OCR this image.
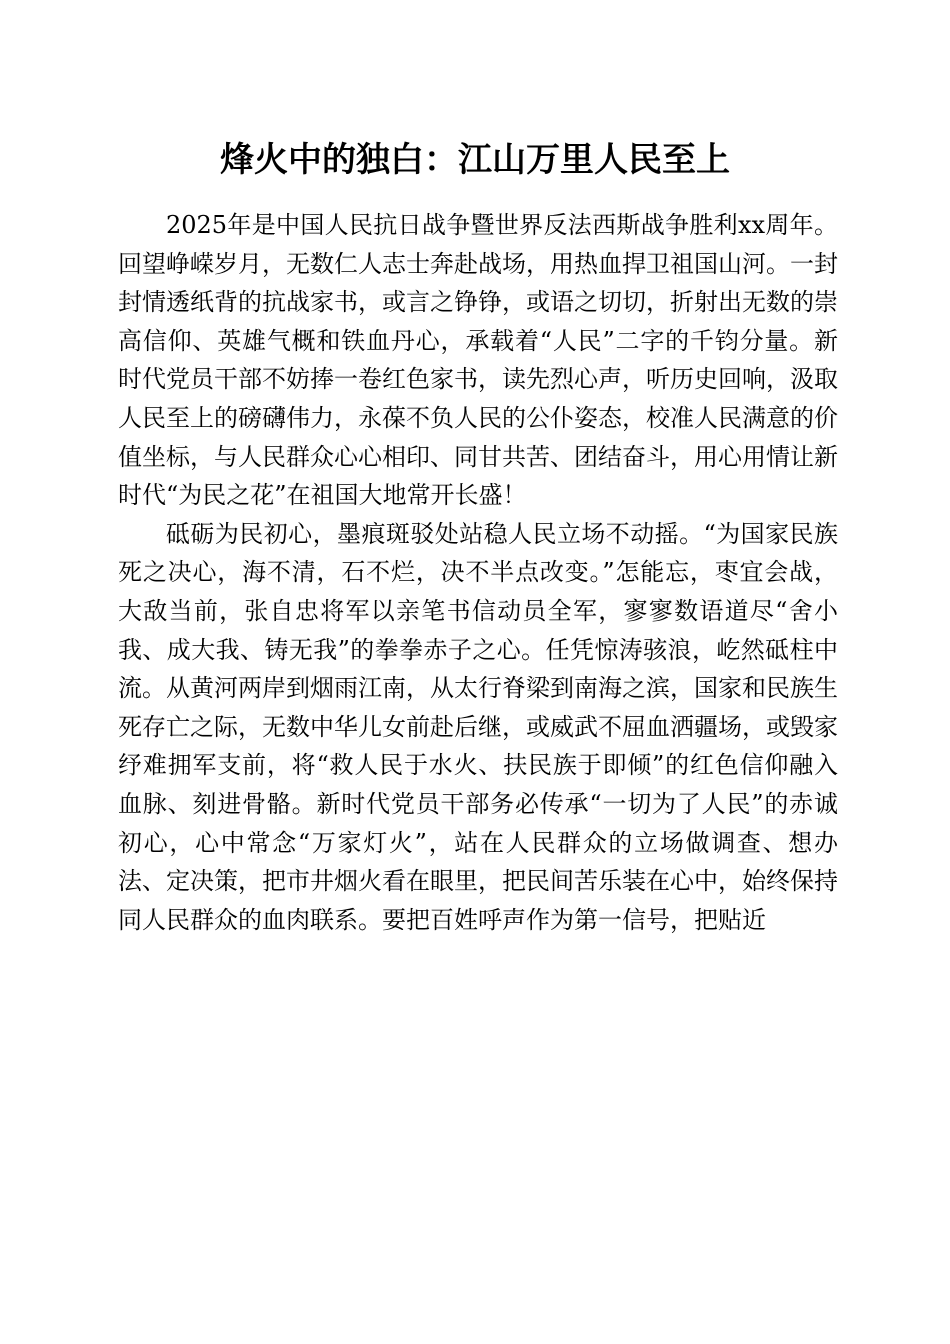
烽火中的独白：江山万里人民至上

2025年是中国人民抗日战争暨世界反法西斯战争胜利xx周年。回望峥嵘岁月，无数仁人志士奔赴战场，用热血捍卫祖国山河。一封封情透纸背的抗战家书，或言之铮铮，或语之切切，折射出无数的崇高信仰、英雄气概和铁血丹心，承载着“人民”二字的千钧分量。新时代党员干部不妨捧一卷红色家书，读先烈心声，听历史回响，汲取人民至上的磅礴伟力，永葆不负人民的公仆姿态，校准人民满意的价值坐标，与人民群众心心相印、同甘共苦、团结奋斗，用心用情让新时代“为民之花”在祖国大地常开长盛！

砥砺为民初心，墨痕斑驳处站稳人民立场不动摇。“为国家民族死之决心，海不清，石不烂，决不半点改变。”怎能忘，枣宜会战，大敌当前，张自忠将军以亲笔书信动员全军，寥寥数语道尽“舍小我、成大我、铸无我”的拳拳赤子之心。任凭惊涛骇浪，屹然砥柱中流。从黄河两岸到烟雨江南，从太行脊梁到南海之滨，国家和民族生死存亡之际，无数中华儿女前赴后继，或威武不屈血洒疆场，或毁家纾难拥军支前，将“救人民于水火、扶民族于即倾”的红色信仰融入血脉、刻进骨骼。新时代党员干部务必传承“一切为了人民”的赤诚初心，心中常念“万家灯火”，站在人民群众的立场做调查、想办法、定决策，把市井烟火看在眼里，把民间苦乐装在心中，始终保持同人民群众的血肉联系。要把百姓呼声作为第一信号，把贴近
